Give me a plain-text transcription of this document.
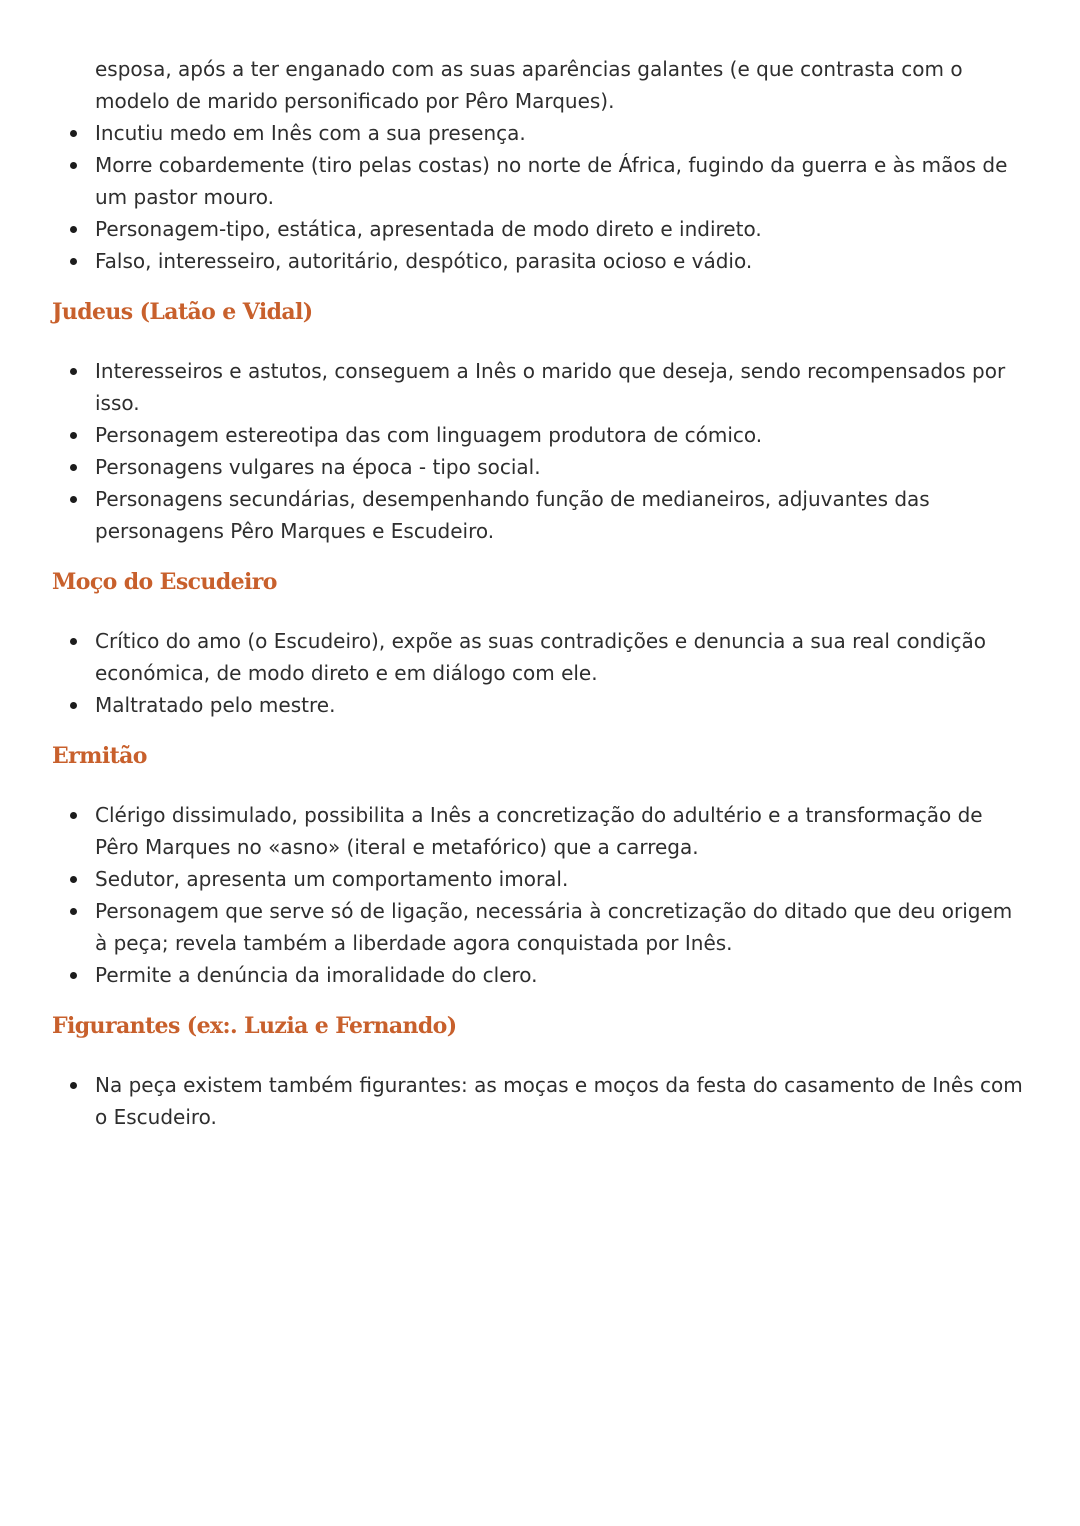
esposa, após a ter enganado com as suas aparências galantes (e que contrasta com o modelo de marido personificado por Pêro Marques).
Incutiu medo em Inês com a sua presença.
Morre cobardemente (tiro pelas costas) no norte de África, fugindo da guerra e às mãos de um pastor mouro.
Personagem-tipo, estática, apresentada de modo direto e indireto.
Falso, interesseiro, autoritário, despótico, parasita ocioso e vádio.
Judeus (Latão e Vidal)
Interesseiros e astutos, conseguem a Inês o marido que deseja, sendo recompensados por isso.
Personagem estereotipa das com linguagem produtora de cómico.
Personagens vulgares na época - tipo social.
Personagens secundárias, desempenhando função de medianeiros, adjuvantes das personagens Pêro Marques e Escudeiro.
Moço do Escudeiro
Crítico do amo (o Escudeiro), expõe as suas contradições e denuncia a sua real condição económica, de modo direto e em diálogo com ele.
Maltratado pelo mestre.
Ermitão
Clérigo dissimulado, possibilita a Inês a concretização do adultério e a transformação de Pêro Marques no «asno» (iteral e metafórico) que a carrega.
Sedutor, apresenta um comportamento imoral.
Personagem que serve só de ligação, necessária à concretização do ditado que deu origem à peça; revela também a liberdade agora conquistada por Inês.
Permite a denúncia da imoralidade do clero.
Figurantes (ex:. Luzia e Fernando)
Na peça existem também figurantes: as moças e moços da festa do casamento de Inês com o Escudeiro.
